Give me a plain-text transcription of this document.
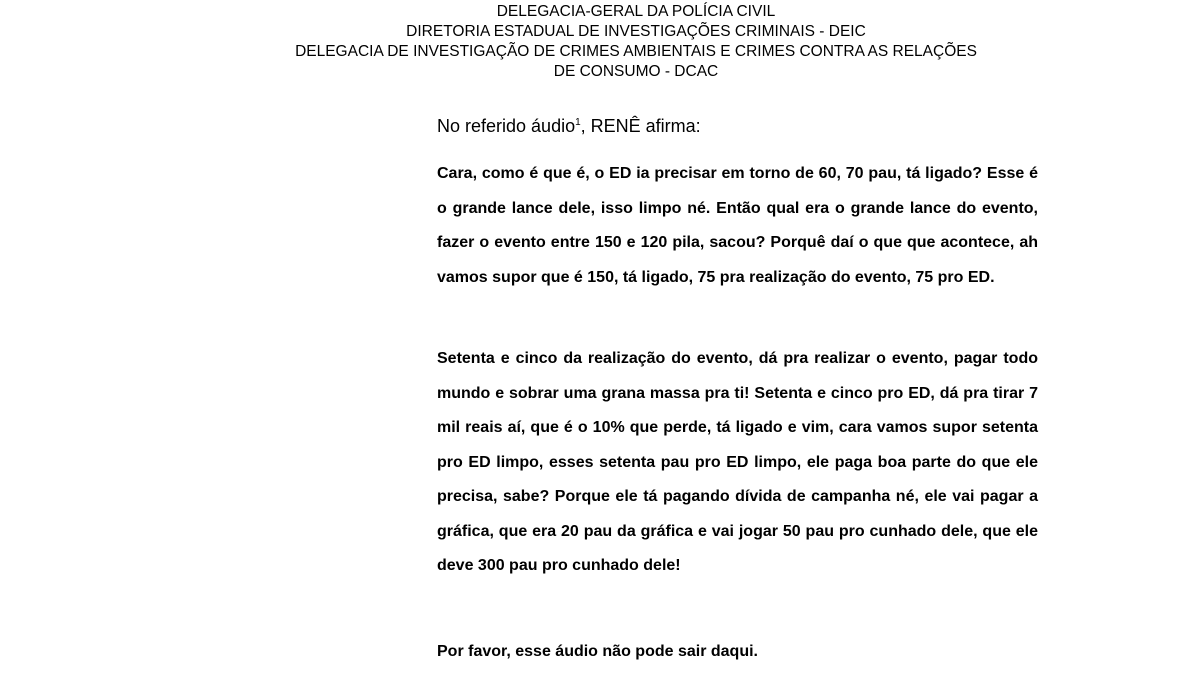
DELEGACIA-GERAL DA POLÍCIA CIVIL
DIRETORIA ESTADUAL DE INVESTIGAÇÕES CRIMINAIS - DEIC
DELEGACIA DE INVESTIGAÇÃO DE CRIMES AMBIENTAIS E CRIMES CONTRA AS RELAÇÕES
DE CONSUMO - DCAC
No referido áudio$^1$, RENÊ afirma:
Cara, como é que é, o ED ia precisar em torno de 60, 70 pau, tá ligado? Esse é o grande lance dele, isso limpo né. Então qual era o grande lance do evento, fazer o evento entre 150 e 120 pila, sacou? Porquê daí o que que acontece, ah vamos supor que é 150, tá ligado, 75 pra realização do evento, 75 pro ED.
Setenta e cinco da realização do evento, dá pra realizar o evento, pagar todo mundo e sobrar uma grana massa pra ti! Setenta e cinco pro ED, dá pra tirar 7 mil reais aí, que é o 10% que perde, tá ligado e vim, cara vamos supor setenta pro ED limpo, esses setenta pau pro ED limpo, ele paga boa parte do que ele precisa, sabe? Porque ele tá pagando dívida de campanha né, ele vai pagar a gráfica, que era 20 pau da gráfica e vai jogar 50 pau pro cunhado dele, que ele deve 300 pau pro cunhado dele!
Por favor, esse áudio não pode sair daqui.
